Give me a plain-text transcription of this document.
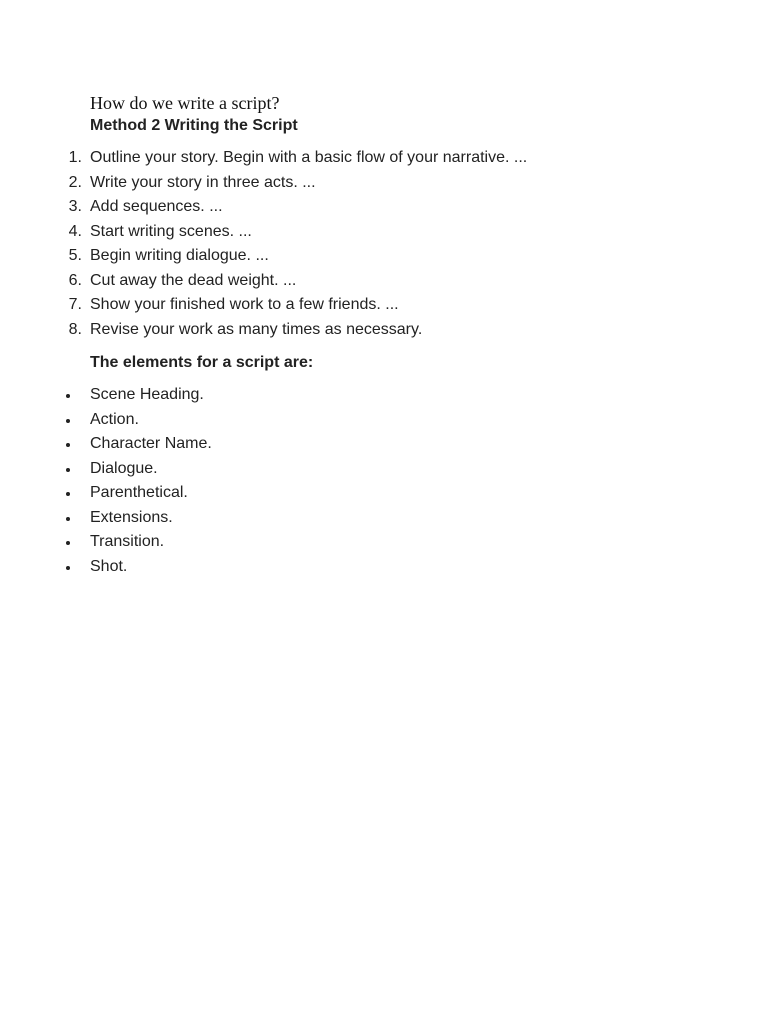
How do we write a script?
Method 2 Writing the Script
1. Outline your story. Begin with a basic flow of your narrative. ...
2. Write your story in three acts. ...
3. Add sequences. ...
4. Start writing scenes. ...
5. Begin writing dialogue. ...
6. Cut away the dead weight. ...
7. Show your finished work to a few friends. ...
8. Revise your work as many times as necessary.
The elements for a script are:
Scene Heading.
Action.
Character Name.
Dialogue.
Parenthetical.
Extensions.
Transition.
Shot.
